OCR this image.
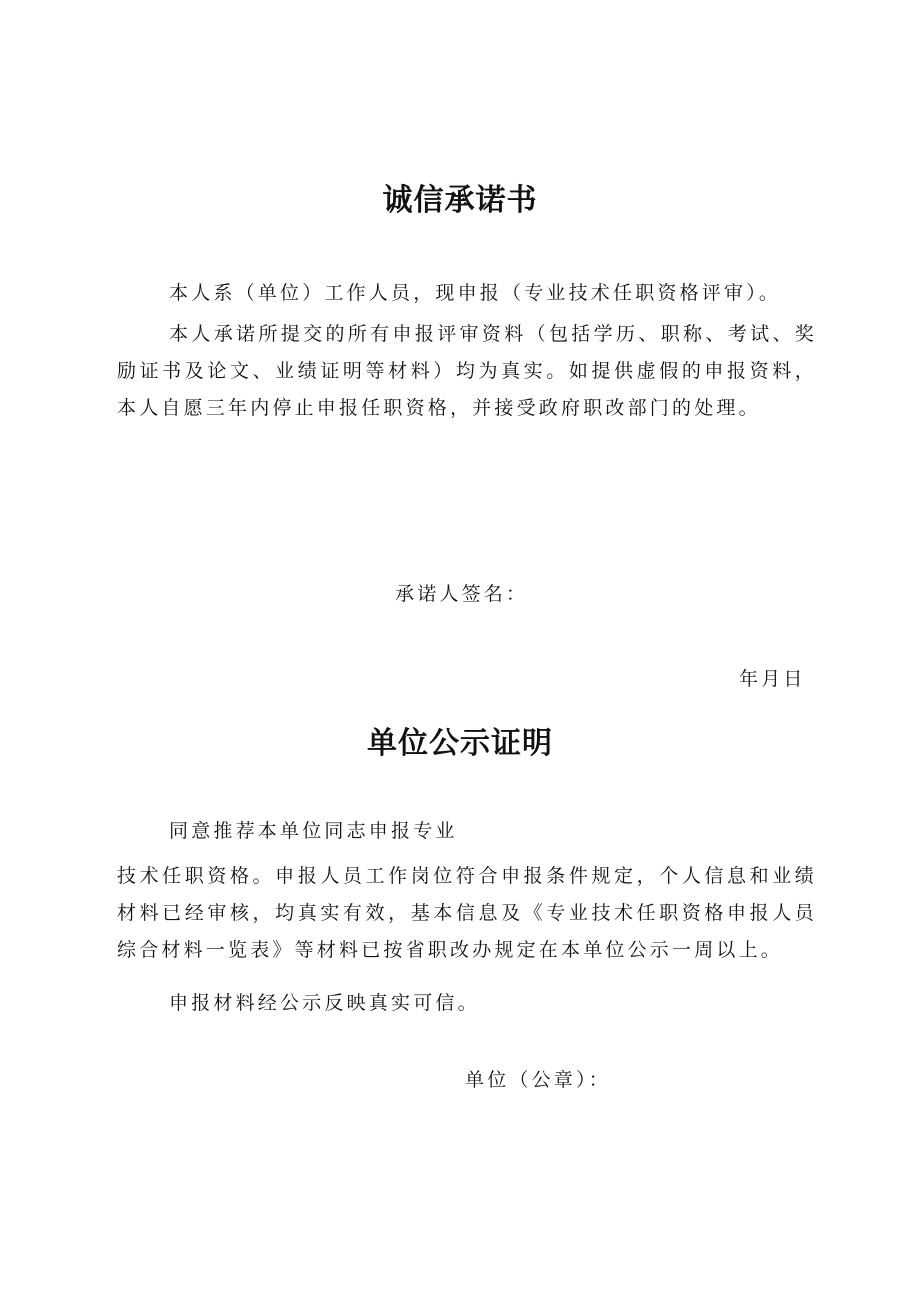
诚信承诺书

本人系（单位）工作人员，现申报（专业技术任职资格评审）。

本人承诺所提交的所有申报评审资料（包括学历、职称、考试、奖励证书及论文、业绩证明等材料）均为真实。如提供虚假的申报资料，本人自愿三年内停止申报任职资格，并接受政府职改部门的处理。

承诺人签名：

年月日

单位公示证明

同意推荐本单位同志申报专业

技术任职资格。申报人员工作岗位符合申报条件规定，个人信息和业绩材料已经审核，均真实有效，基本信息及《专业技术任职资格申报人员综合材料一览表》等材料已按省职改办规定在本单位公示一周以上。

申报材料经公示反映真实可信。

单位（公章）：
